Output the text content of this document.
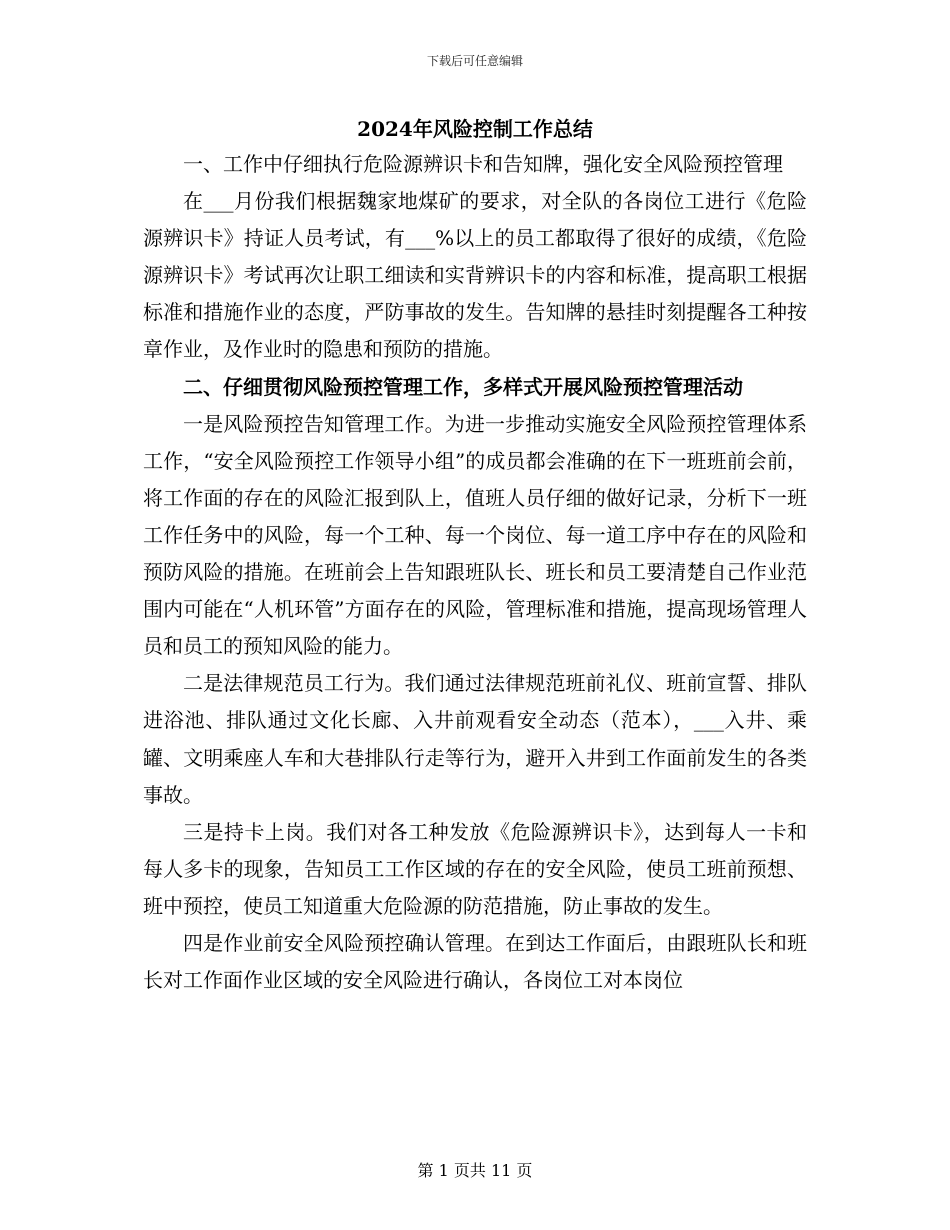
下载后可任意编辑
2024年风险控制工作总结

一、工作中仔细执行危险源辨识卡和告知牌，强化安全风险预控管理

在___月份我们根据魏家地煤矿的要求，对全队的各岗位工进行《危险源辨识卡》持证人员考试，有___%以上的员工都取得了很好的成绩，《危险源辨识卡》考试再次让职工细读和实背辨识卡的内容和标准，提高职工根据标准和措施作业的态度，严防事故的发生。告知牌的悬挂时刻提醒各工种按章作业，及作业时的隐患和预防的措施。

二、仔细贯彻风险预控管理工作，多样式开展风险预控管理活动

一是风险预控告知管理工作。为进一步推动实施安全风险预控管理体系工作，“安全风险预控工作领导小组”的成员都会准确的在下一班班前会前，将工作面的存在的风险汇报到队上，值班人员仔细的做好记录，分析下一班工作任务中的风险，每一个工种、每一个岗位、每一道工序中存在的风险和预防风险的措施。在班前会上告知跟班队长、班长和员工要清楚自己作业范围内可能在“人机环管”方面存在的风险，管理标准和措施，提高现场管理人员和员工的预知风险的能力。

二是法律规范员工行为。我们通过法律规范班前礼仪、班前宣誓、排队进浴池、排队通过文化长廊、入井前观看安全动态（范本），___入井、乘罐、文明乘座人车和大巷排队行走等行为，避开入井到工作面前发生的各类事故。

三是持卡上岗。我们对各工种发放《危险源辨识卡》，达到每人一卡和每人多卡的现象，告知员工工作区域的存在的安全风险，使员工班前预想、班中预控，使员工知道重大危险源的防范措施，防止事故的发生。

四是作业前安全风险预控确认管理。在到达工作面后，由跟班队长和班长对工作面作业区域的安全风险进行确认，各岗位工对本岗位

第 1 页共 11 页
